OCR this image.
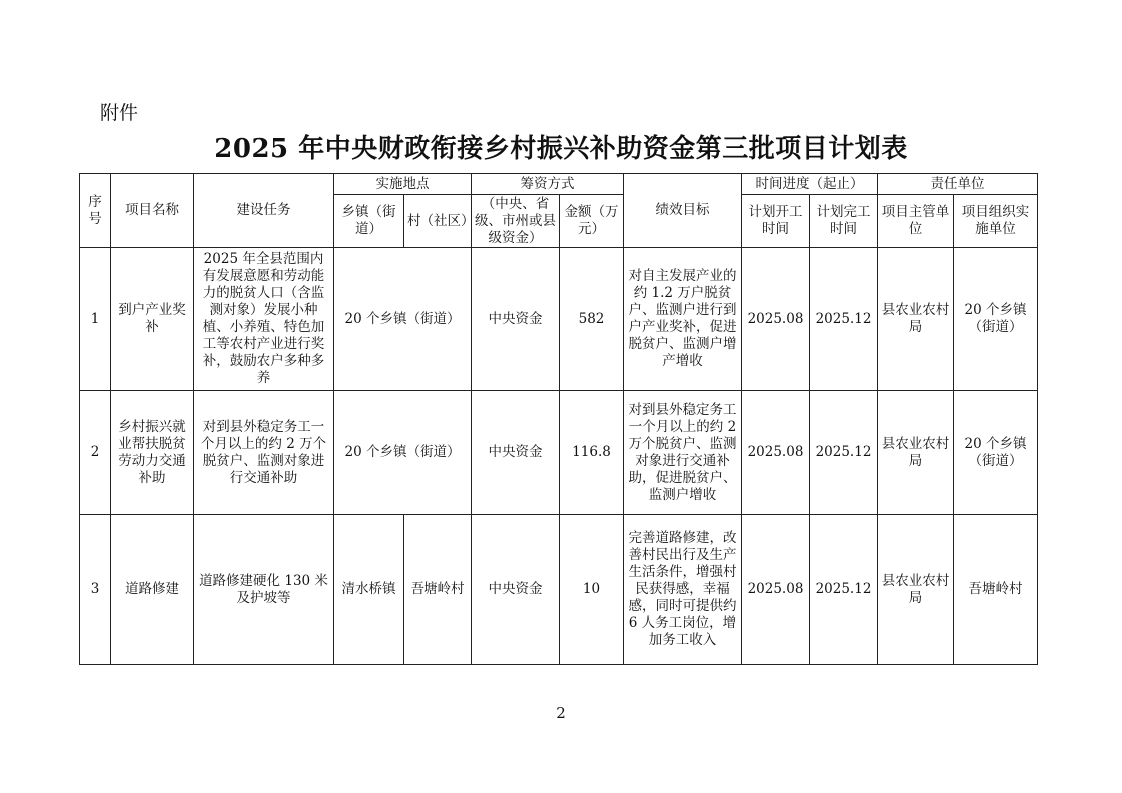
附件
2025 年中央财政衔接乡村振兴补助资金第三批项目计划表
序号	项目名称	建设任务	实施地点		筹资方式		绩效目标	时间进度（起止）		责任单位	
			乡镇（街道）	村（社区）	（中央、省级、市州或县级资金）	金额（万元）		计划开工时间	计划完工时间	项目主管单位	项目组织实施单位
1	到户产业奖补	2025 年全县范围内有发展意愿和劳动能力的脱贫人口（含监测对象）发展小种植、小养殖、特色加工等农村产业进行奖补，鼓励农户多种多养	20 个乡镇（街道）		中央资金	582	对自主发展产业的约 1.2 万户脱贫户、监测户进行到户产业奖补，促进脱贫户、监测户增产增收	2025.08	2025.12	县农业农村局	20 个乡镇（街道）
2	乡村振兴就业帮扶脱贫劳动力交通补助	对到县外稳定务工一个月以上的约 2 万个脱贫户、监测对象进行交通补助	20 个乡镇（街道）		中央资金	116.8	对到县外稳定务工一个月以上的约 2 万个脱贫户、监测对象进行交通补助，促进脱贫户、监测户增收	2025.08	2025.12	县农业农村局	20 个乡镇（街道）
3	道路修建	道路修建硬化 130 米及护坡等	清水桥镇	吾塘岭村	中央资金	10	完善道路修建，改善村民出行及生产生活条件，增强村民获得感，幸福感，同时可提供约 6 人务工岗位，增加务工收入	2025.08	2025.12	县农业农村局	吾塘岭村
2
